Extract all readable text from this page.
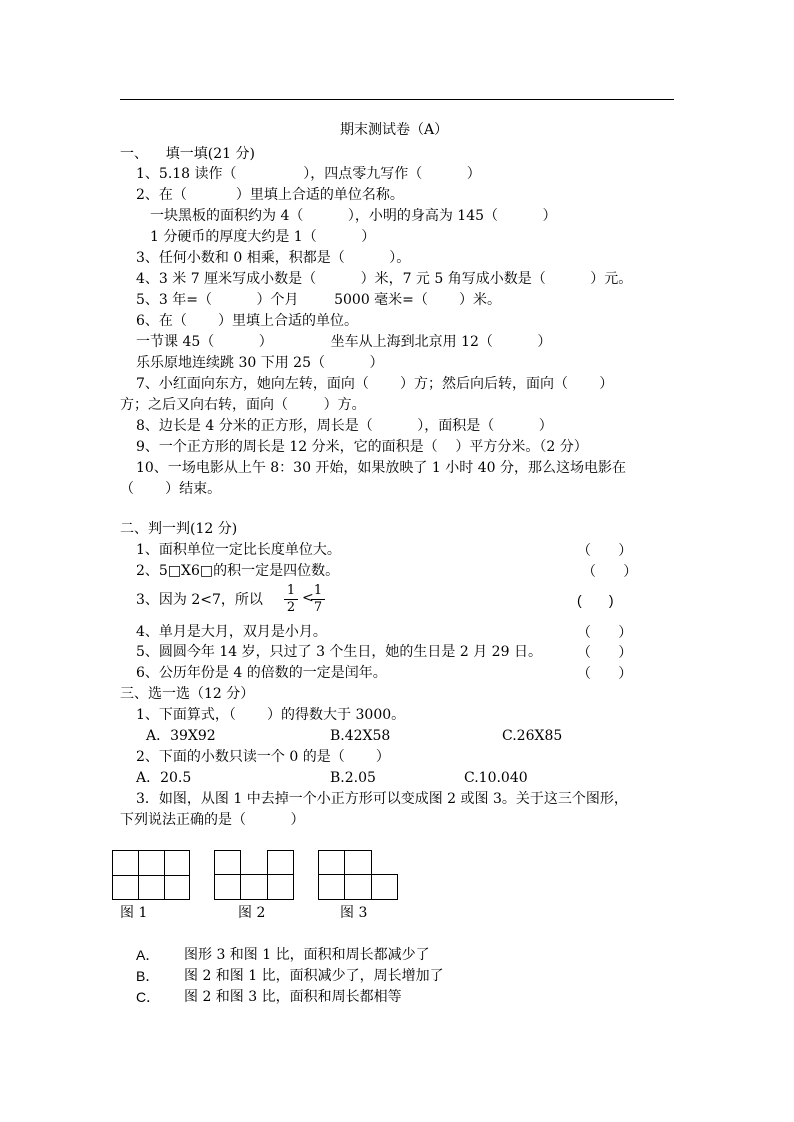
期末测试卷（A）
一、    填一填(21 分)
1、5.18 读作（               ），四点零九写作（          ）
2、在（           ）里填上合适的单位名称。
一块黑板的面积约为 4（          ），小明的身高为 145（          ）
1 分硬币的厚度大约是 1（          ）
3、任何小数和 0 相乘，积都是（          ）。
4、3 米 7 厘米写成小数是（          ）米，7 元 5 角写成小数是（          ）元。
5、3 年=（          ）个月        5000 毫米=（       ）米。
6、在（       ）里填上合适的单位。
一节课 45（          ）             坐车从上海到北京用 12（          ）
乐乐原地连续跳 30 下用 25（          ）
7、小红面向东方，她向左转，面向（       ）方；然后向后转，面向（       ）
方；之后又向右转，面向（        ）方。
8、边长是 4 分米的正方形，周长是（          ），面积是（          ）
9、一个正方形的周长是 12 分米，它的面积是（    ）平方分米。（2 分）
10、一场电影从上午 8：30 开始，如果放映了 1 小时 40 分，那么这场电影在
（       ）结束。
二、判一判(12 分)
1、面积单位一定比长度单位大。	（       ）
2、5□X6□的积一定是四位数。	（       ）
3、因为 2<7，所以 $\frac{1}{2}$ <
$\frac{1}{7}$	(       )
4、单月是大月，双月是小月。	（       ）
5、圆圆今年 14 岁，只过了 3 个生日，她的生日是 2 月 29 日。	（       ）
6、公历年份是 4 的倍数的一定是闰年。	（       ）
三、选一选（12 分）
1、下面算式，（       ）的得数大于 3000。
A．39X92	B.42X58	C.26X85
2、下面的小数只读一个 0 的是（       ）
A．20.5	B.2.05	C.10.040
3．如图，从图 1 中去掉一个小正方形可以变成图 2 或图 3。关于这三个图形，
下列说法正确的是（          ）
图 1	图 2	图 3
A． 图形 3 和图 1 比，面积和周长都减少了
B． 图 2 和图 1 比，面积减少了，周长增加了
C． 图 2 和图 3 比，面积和周长都相等
